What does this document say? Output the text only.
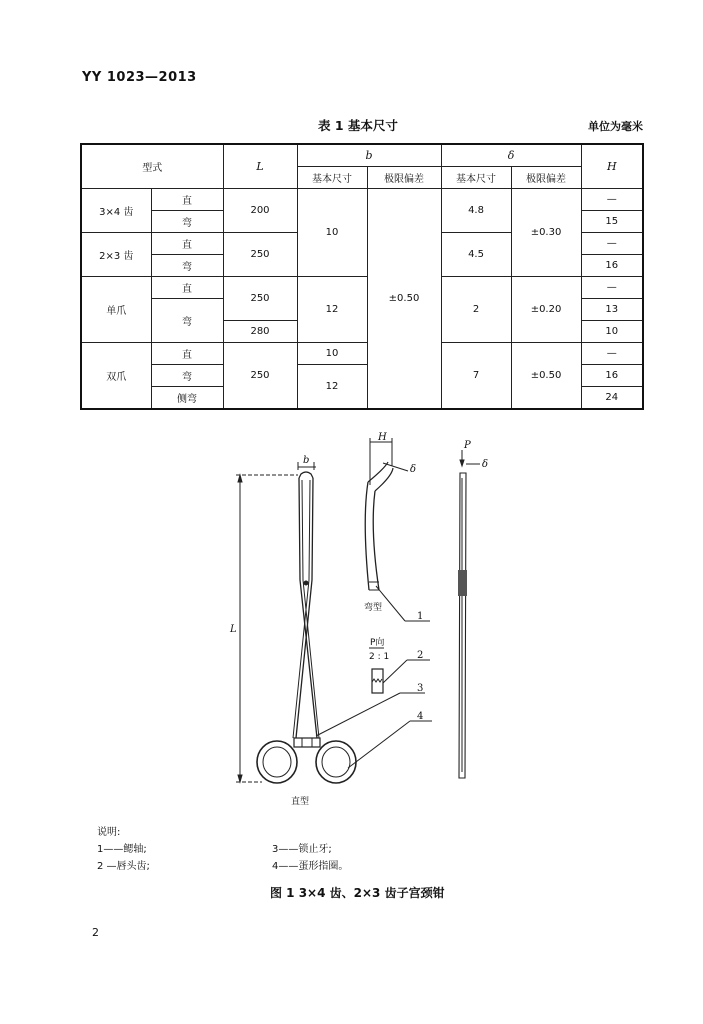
YY 1023—2013
表 1 基本尺寸	单位为毫米
型式		L	b		δ		H
			基本尺寸	极限偏差	基本尺寸	极限偏差	
3×4 齿	直	200	10	±0.50	4.8	±0.30	—
	弯						15
2×3 齿	直	250			4.5		—
	弯						16
单爪	直	250	12		2	±0.20	—
	弯						13
		280					10
双爪	直	250	10		7	±0.50	—
	弯		12				16
	侧弯						24
b
H
δ
P
δ
L
弯型
直型
P向
2 : 1
1
2
3
4
说明:
1——鳃轴;	3——锁止牙;
2 —唇头齿;	4——蛋形指圈。
图 1 3×4 齿、2×3 齿子宫颈钳
2
